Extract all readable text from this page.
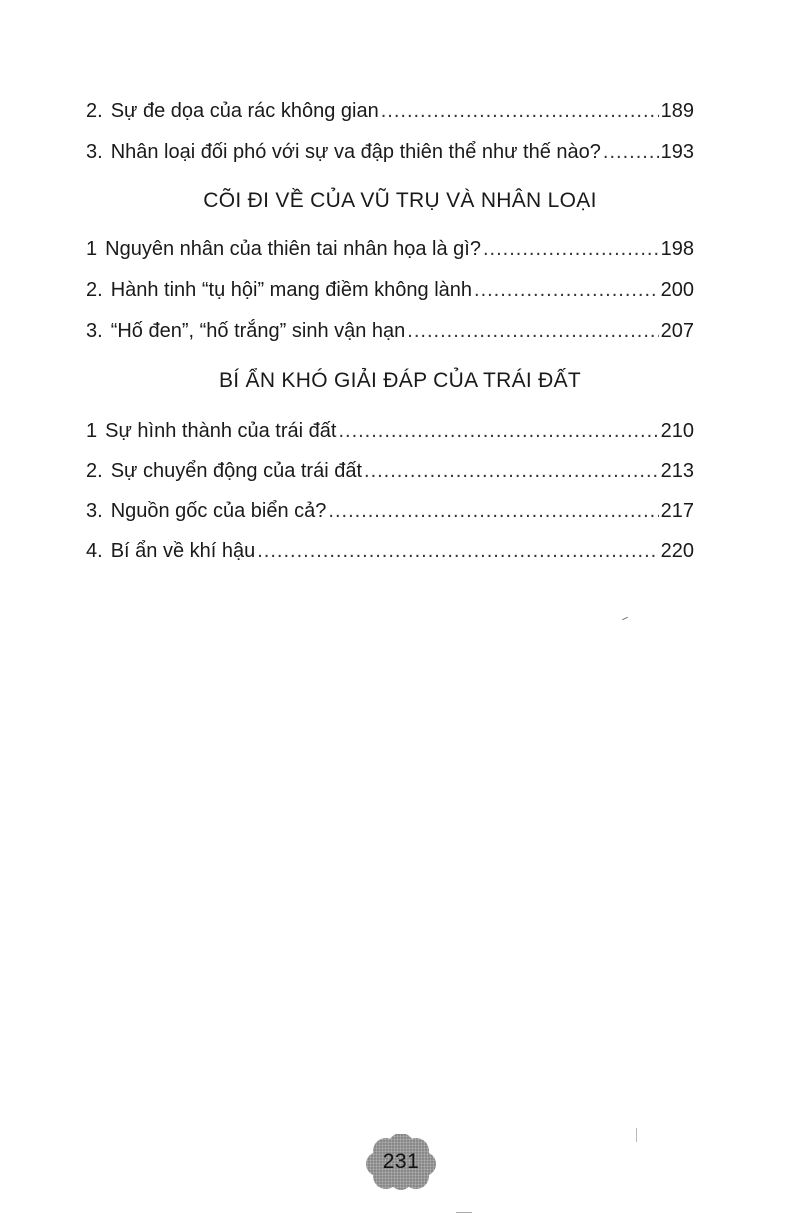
2. Sự đe dọa của rác không gian .....	189
3. Nhân loại đối phó với sự va đập thiên thể như thế nào? .....	193
CÕI ĐI VỀ CỦA VŨ TRỤ VÀ NHÂN LOẠI
1 Nguyên nhân của thiên tai nhân họa là gì? .....	198
2. Hành tinh “tụ hội” mang điềm không lành .....	200
3. “Hố đen”, “hố trắng” sinh vận hạn .....	207
BÍ ẨN KHÓ GIẢI ĐÁP CỦA TRÁI ĐẤT
1 Sự hình thành của trái đất .....	210
2. Sự chuyển động của trái đất .....	213
3. Nguồn gốc của biển cả? .....	217
4. Bí ẩn về khí hậu .....	220
231
